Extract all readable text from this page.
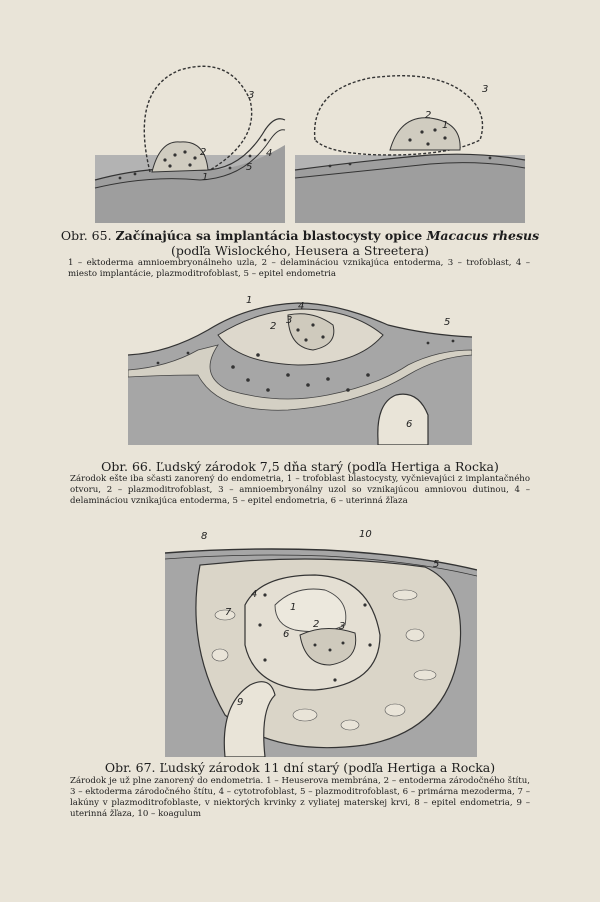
1
2
3
4
5
1
2
3
Obr. 65. Začínajúca sa implantácia blastocysty opice Macacus rhesus
(podľa Wislockého, Heusera a Streetera)
1 – ektoderma amnioembryonálneho uzla, 2 – delamináciou vznikajúca entoderma, 3 – trofoblast, 4 – miesto implantácie, plazmoditrofoblast, 5 – epitel endometria
1
2
3
4
5
6
Obr. 66. Ľudský zárodok 7,5 dňa starý (podľa Hertiga a Rocka)
Zárodok ešte iba sčasti zanorený do endometria, 1 – trofoblast blastocysty, vyčnievajúci z implantačného otvoru, 2 – plazmoditrofoblast, 3 – amnioembryonálny uzol so vznikajúcou amniovou dutinou, 4 – delamináciou vznikajúca entoderma, 5 – epitel endometria, 6 – uterinná žľaza
1
2 3
4
5
6
7
8
9
10
Obr. 67. Ľudský zárodok 11 dní starý (podľa Hertiga a Rocka)
Zárodok je už plne zanorený do endometria. 1 – Heuserova membrána, 2 – entoderma zárodočného štítu, 3 – ektoderma zárodočného štítu, 4 – cytotrofoblast, 5 – plazmoditrofoblast, 6 – primárna mezoderma, 7 – lakúny v plazmoditrofoblaste, v niektorých krvinky z vyliatej materskej krvi, 8 – epitel endometria, 9 – uterinná žľaza, 10 – koagulum
